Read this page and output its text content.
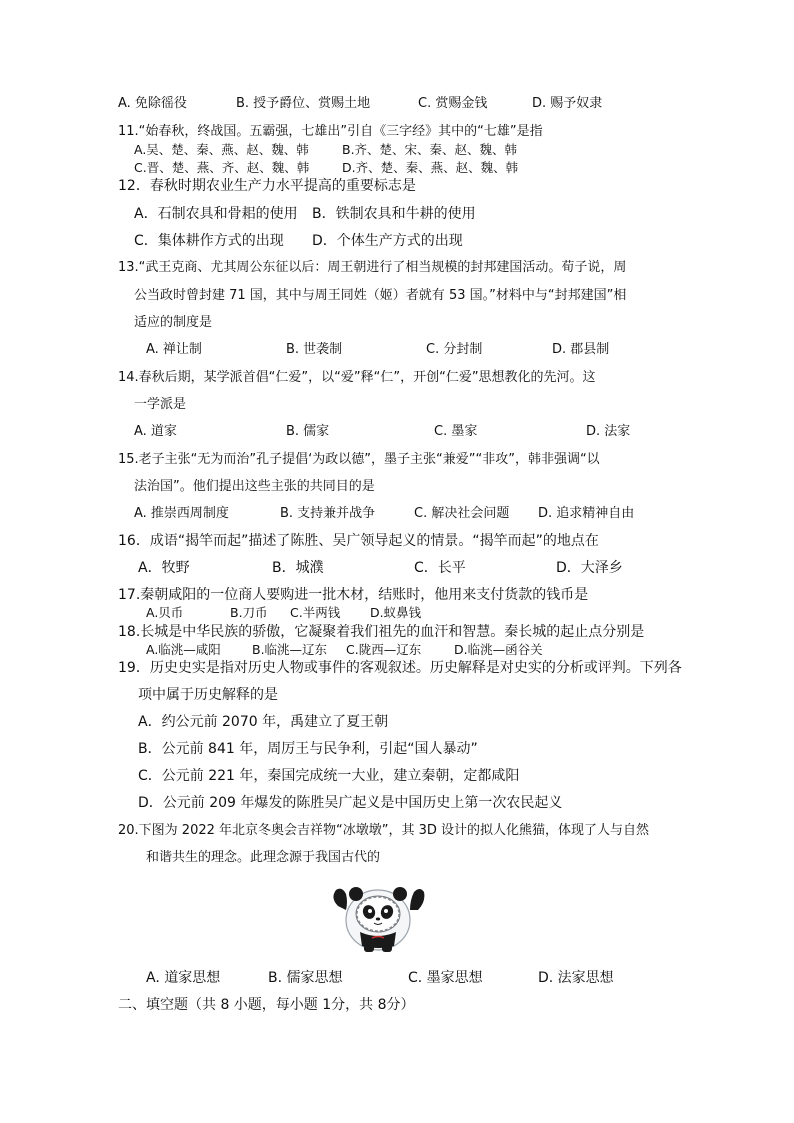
A. 免除徭役	B. 授予爵位、赏赐土地	C. 赏赐金钱	D. 赐予奴隶
11.“始春秋，终战国。五霸强，七雄出”引自《三字经》其中的“七雄”是指
A.吴、楚、秦、燕、赵、魏、韩	B.齐、楚、宋、秦、赵、魏、韩
C.晋、楚、燕、齐、赵、魏、韩	D.齐、楚、秦、燕、赵、魏、韩
12．春秋时期农业生产力水平提高的重要标志是
A．石制农具和骨耜的使用 B．铁制农具和牛耕的使用
C．集体耕作方式的出现 D．个体生产方式的出现
13.“武王克商、尤其周公东征以后：周王朝进行了相当规模的封邦建国活动。荀子说，周
公当政时曾封建 71 国，其中与周王同姓（姬）者就有 53 国。”材料中与“封邦建国”相
适应的制度是
A. 禅让制	B. 世袭制	C. 分封制	D. 郡县制
14.春秋后期，某学派首倡“仁爱”，以“爱”释“仁”，开创“仁爱”思想教化的先河。这
一学派是
A. 道家	B. 儒家	C. 墨家	D. 法家
15.老子主张“无为而治”孔子提倡‘为政以德”，墨子主张“兼爱”“非攻”，韩非强调“以
法治国”。他们提出这些主张的共同目的是
A. 推崇西周制度	B. 支持兼并战争	C. 解决社会问题 D. 追求精神自由
16．成语“揭竿而起”描述了陈胜、吴广领导起义的情景。“揭竿而起”的地点在
A．牧野	B．城濮	C．长平	D．大泽乡
17.秦朝咸阳的一位商人要购进一批木材，结账时，他用来支付货款的钱币是
A.贝币	B.刀币 C.半两钱 D.蚁鼻钱
18.长城是中华民族的骄傲，它凝聚着我们祖先的血汗和智慧。秦长城的起止点分别是
A.临洮—咸阳 B.临洮—辽东 C.陇西—辽东	D.临洮—函谷关
19．历史史实是指对历史人物或事件的客观叙述。历史解释是对史实的分析或评判。下列各
项中属于历史解释的是
A．约公元前 2070 年，禹建立了夏王朝
B．公元前 841 年，周厉王与民争利，引起“国人暴动”
C．公元前 221 年，秦国完成统一大业，建立秦朝，定都咸阳
D．公元前 209 年爆发的陈胜吴广起义是中国历史上第一次农民起义
20.下图为 2022 年北京冬奥会吉祥物“冰墩墩”，其 3D 设计的拟人化熊猫，体现了人与自然
和谐共生的理念。此理念源于我国古代的
A. 道家思想	B. 儒家思想	C. 墨家思想	D. 法家思想
二、填空题（共 8 小题，每小题 1分，共 8分）
